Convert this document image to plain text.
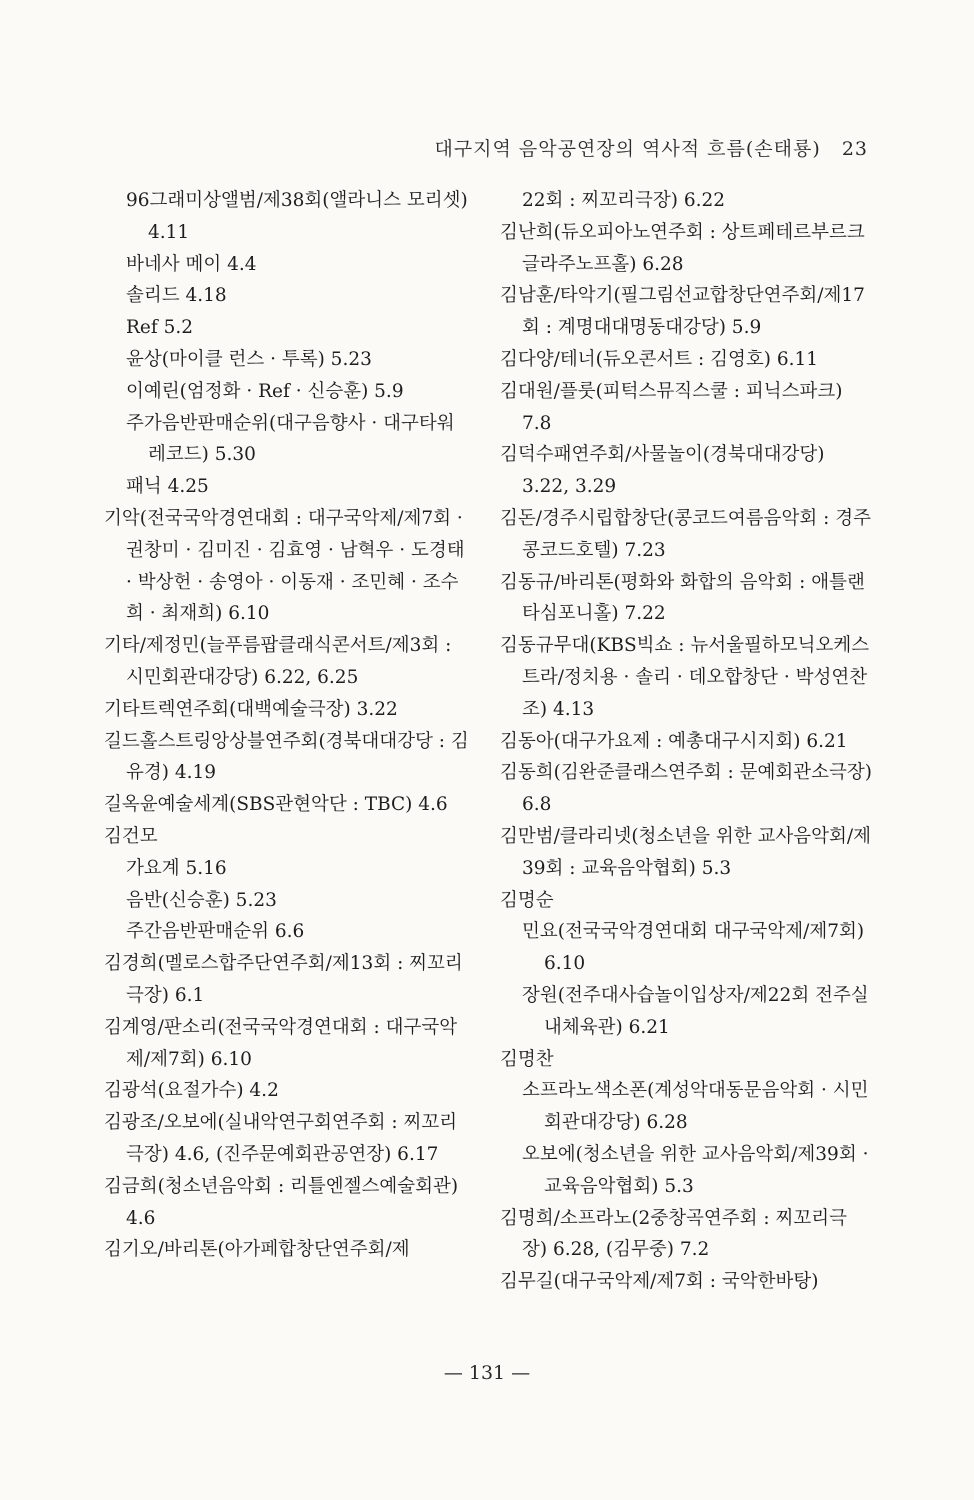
대구지역 음악공연장의 역사적 흐름(손태룡) 23

96그래미상앨범/제38회(앨라니스 모리셋) 4.11

바네사 메이 4.4

솔리드 4.18

Ref 5.2

윤상(마이클 런스 · 투록) 5.23

이예린(엄정화 · Ref · 신승훈) 5.9

주가음반판매순위(대구음향사 · 대구타워레코드) 5.30

패닉 4.25

기악(전국국악경연대회 : 대구국악제/제7회 · 권창미 · 김미진 · 김효영 · 남혁우 · 도경태 · 박상헌 · 송영아 · 이동재 · 조민혜 · 조수희 · 최재희) 6.10

기타/제정민(늘푸름팝클래식콘서트/제3회 : 시민회관대강당) 6.22, 6.25

기타트렉연주회(대백예술극장) 3.22

길드홀스트링앙상블연주회(경북대대강당 : 김유경) 4.19

길옥윤예술세계(SBS관현악단 : TBC) 4.6

김건모

가요계 5.16

음반(신승훈) 5.23

주간음반판매순위 6.6

김경희(멜로스합주단연주회/제13회 : 찌꼬리극장) 6.1

김계영/판소리(전국국악경연대회 : 대구국악제/제7회) 6.10

김광석(요절가수) 4.2

김광조/오보에(실내악연구회연주회 : 찌꼬리극장) 4.6, (진주문예회관공연장) 6.17

김금희(청소년음악회 : 리틀엔젤스예술회관) 4.6

김기오/바리톤(아가페합창단연주회/제

22회 : 찌꼬리극장) 6.22

김난희(듀오피아노연주회 : 상트페테르부르크글라주노프홀) 6.28

김남훈/타악기(필그림선교합창단연주회/제17회 : 계명대대명동대강당) 5.9

김다양/테너(듀오콘서트 : 김영호) 6.11

김대원/플룻(피턱스뮤직스쿨 : 피닉스파크) 7.8

김덕수패연주회/사물놀이(경북대대강당) 3.22, 3.29

김돈/경주시립합창단(콩코드여름음악회 : 경주콩코드호텔) 7.23

김동규/바리톤(평화와 화합의 음악회 : 애틀랜타심포니홀) 7.22

김동규무대(KBS빅쇼 : 뉴서울필하모닉오케스트라/정치용 · 솔리 · 데오합창단 · 박성연찬조) 4.13

김동아(대구가요제 : 예총대구시지회) 6.21

김동희(김완준클래스연주회 : 문예회관소극장) 6.8

김만범/클라리넷(청소년을 위한 교사음악회/제39회 : 교육음악협회) 5.3

김명순

민요(전국국악경연대회 대구국악제/제7회) 6.10

장원(전주대사습놀이입상자/제22회 전주실내체육관) 6.21

김명찬

소프라노색소폰(계성악대동문음악회 · 시민회관대강당) 6.28

오보에(청소년을 위한 교사음악회/제39회 · 교육음악협회) 5.3

김명희/소프라노(2중창곡연주회 : 찌꼬리극장) 6.28, (김무중) 7.2

김무길(대구국악제/제7회 : 국악한바탕)

— 131 —
